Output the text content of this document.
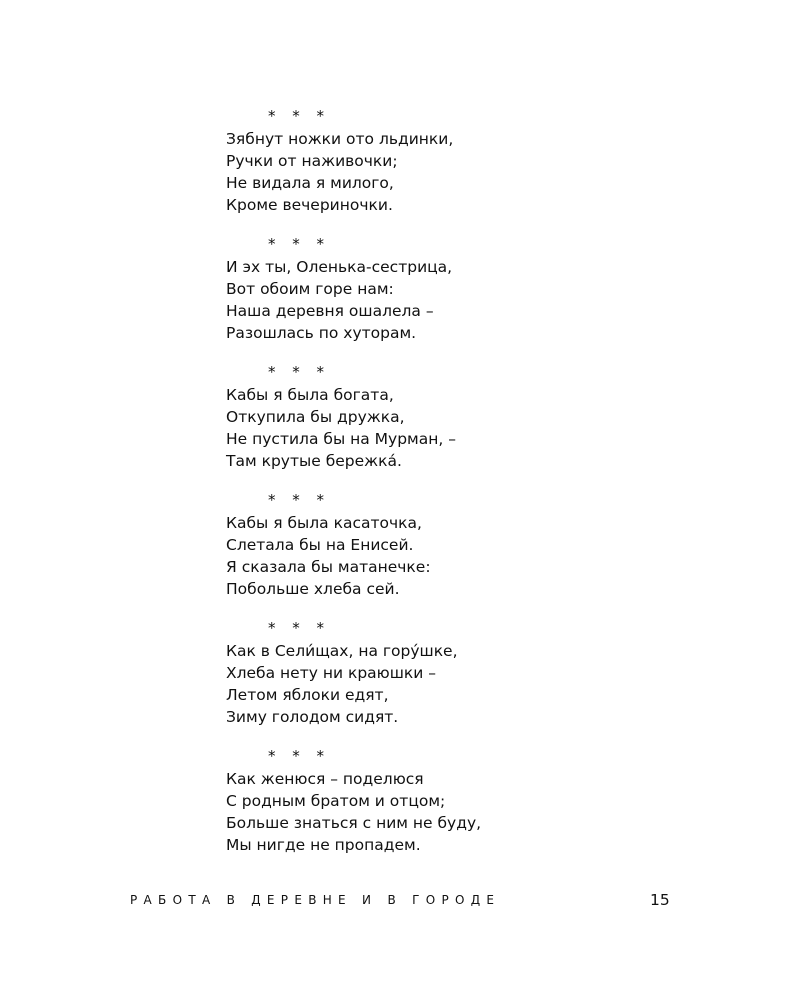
* * *
Зябнут ножки ото льдинки,
Ручки от наживочки;
Не видала я милого,
Кроме вечериночки.
* * *
И эх ты, Оленька-сестрица,
Вот обоим горе нам:
Наша деревня ошалела –
Разошлась по хуторам.
* * *
Кабы я была богата,
Откупила бы дружка,
Не пустила бы на Мурман, –
Там крутые бережка́.
* * *
Кабы я была касаточка,
Слетала бы на Енисей.
Я сказала бы матанечке:
Побольше хлеба сей.
* * *
Как в Сели́щах, на гору́шке,
Хлеба нету ни краюшки –
Летом яблоки едят,
Зиму голодом сидят.
* * *
Как женюся – поделюся
С родным братом и отцом;
Больше знаться с ним не буду,
Мы нигде не пропадем.
РАБОТА В ДЕРЕВНЕ И В ГОРОДЕ	15
